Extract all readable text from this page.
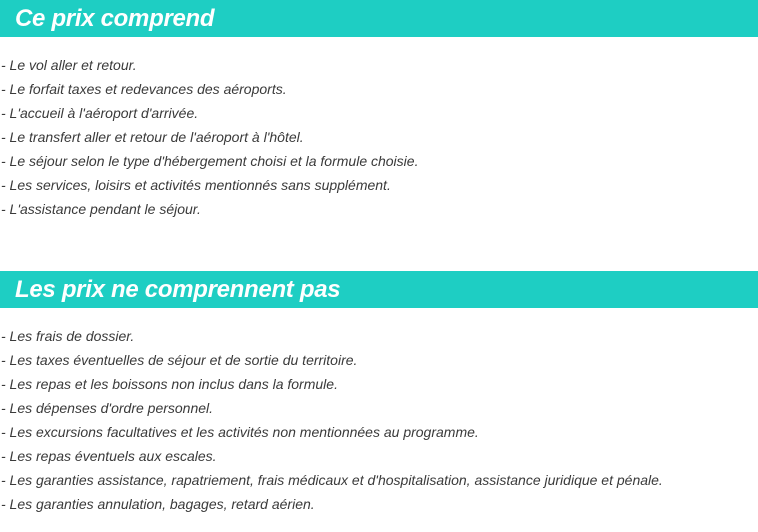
Ce prix comprend
- Le vol aller et retour.
- Le forfait taxes et redevances des aéroports.
- L'accueil à l'aéroport d'arrivée.
- Le transfert aller et retour de l'aéroport à l'hôtel.
- Le séjour selon le type d'hébergement choisi et la formule choisie.
- Les services, loisirs et activités mentionnés sans supplément.
- L'assistance pendant le séjour.
Les prix ne comprennent pas
- Les frais de dossier.
- Les taxes éventuelles de séjour et de sortie du territoire.
- Les repas et les boissons non inclus dans la formule.
- Les dépenses d'ordre personnel.
- Les excursions facultatives et les activités non mentionnées au programme.
- Les repas éventuels aux escales.
- Les garanties assistance, rapatriement, frais médicaux et d'hospitalisation, assistance juridique et pénale.
- Les garanties annulation, bagages, retard aérien.
